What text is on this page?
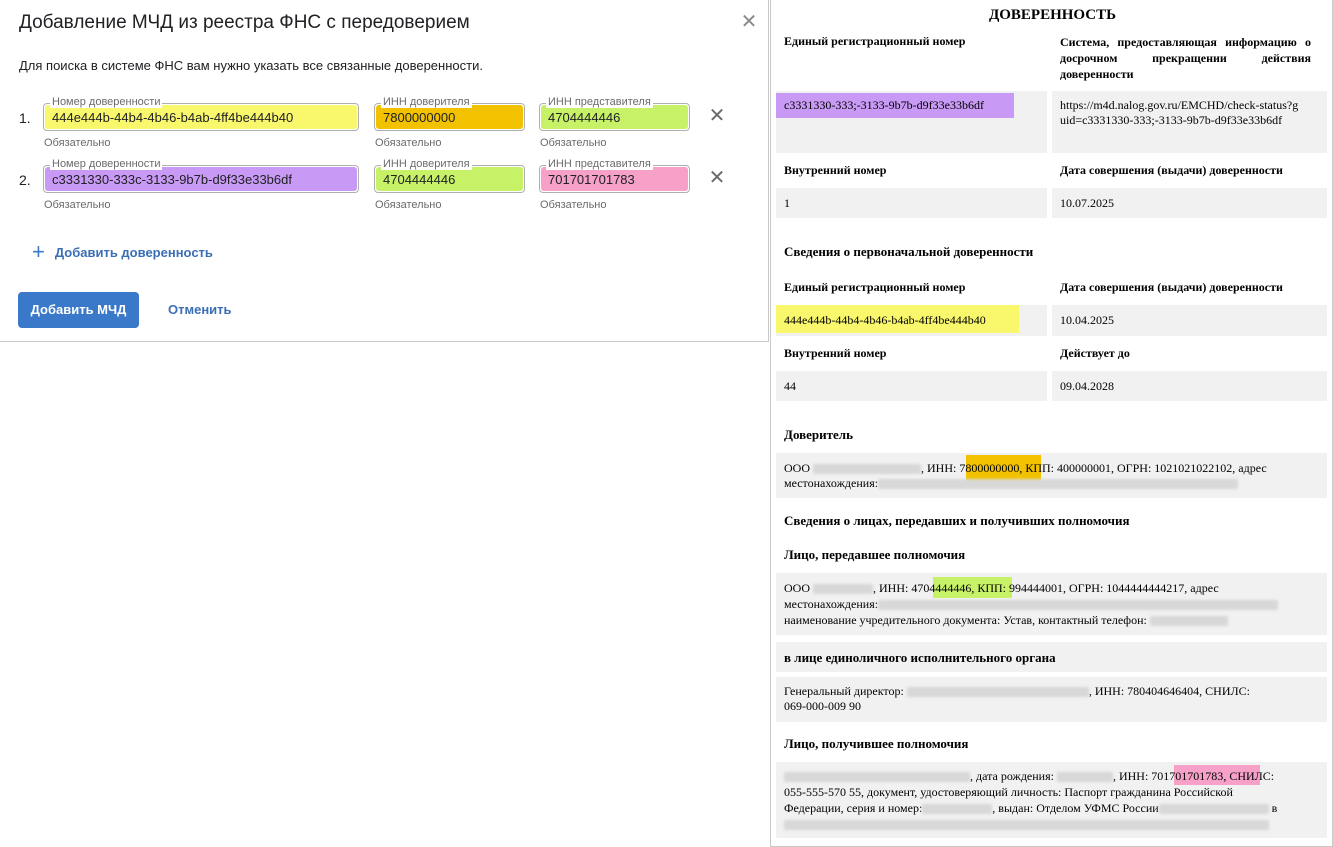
Добавление МЧД из реестра ФНС с передоверием	✕
Для поиска в системе ФНС вам нужно указать все связанные доверенности.
1.
Номер доверенности
444e444b-44b4-4b46-b4ab-4ff4be444b40
Обязательно
ИНН доверителя
7800000000
Обязательно
ИНН представителя
4704444446
Обязательно
✕
2.
Номер доверенности
c3331330-333c-3133-9b7b-d9f33e33b6df
Обязательно
ИНН доверителя
4704444446
Обязательно
ИНН представителя
701701701783
Обязательно
✕
+ Добавить доверенность
Добавить МЧД	Отменить
ДОВЕРЕННОСТЬ
Единый регистрационный номер	Система, предоставляющая информацию о досрочном прекращении действия доверенности
c3331330-333;-3133-9b7b-d9f33e33b6df	https://m4d.nalog.gov.ru/EMCHD/check-status?guid=c3331330-333;-3133-9b7b-d9f33e33b6df
Внутренний номер	Дата совершения (выдачи) доверенности
1	10.07.2025
Сведения о первоначальной доверенности
Единый регистрационный номер	Дата совершения (выдачи) доверенности
444e444b-44b4-4b46-b4ab-4ff4be444b40	10.04.2025
Внутренний номер	Действует до
44	09.04.2028
Доверитель
ООО	, ИНН: 7800000000, КПП: 400000001, ОГРН: 1021021022102, адрес
местонахождения:
Сведения о лицах, передавших и получивших полномочия
Лицо, передавшее полномочия
ООО	, ИНН: 4704444446, КПП: 994444001, ОГРН: 1044444444217, адрес
местонахождения:
наименование учредительного документа: Устав, контактный телефон:
в лице единоличного исполнительного органа
Генеральный директор:	, ИНН: 780404646404, СНИЛС:
069-000-009 90
Лицо, получившее полномочия
, дата рождения:	, ИНН: 701701701783, СНИЛС:
055-555-570 55, документ, удостоверяющий личность: Паспорт гражданина Российской
Федерации, серия и номер:	, выдан: Отделом УФМС России	в
